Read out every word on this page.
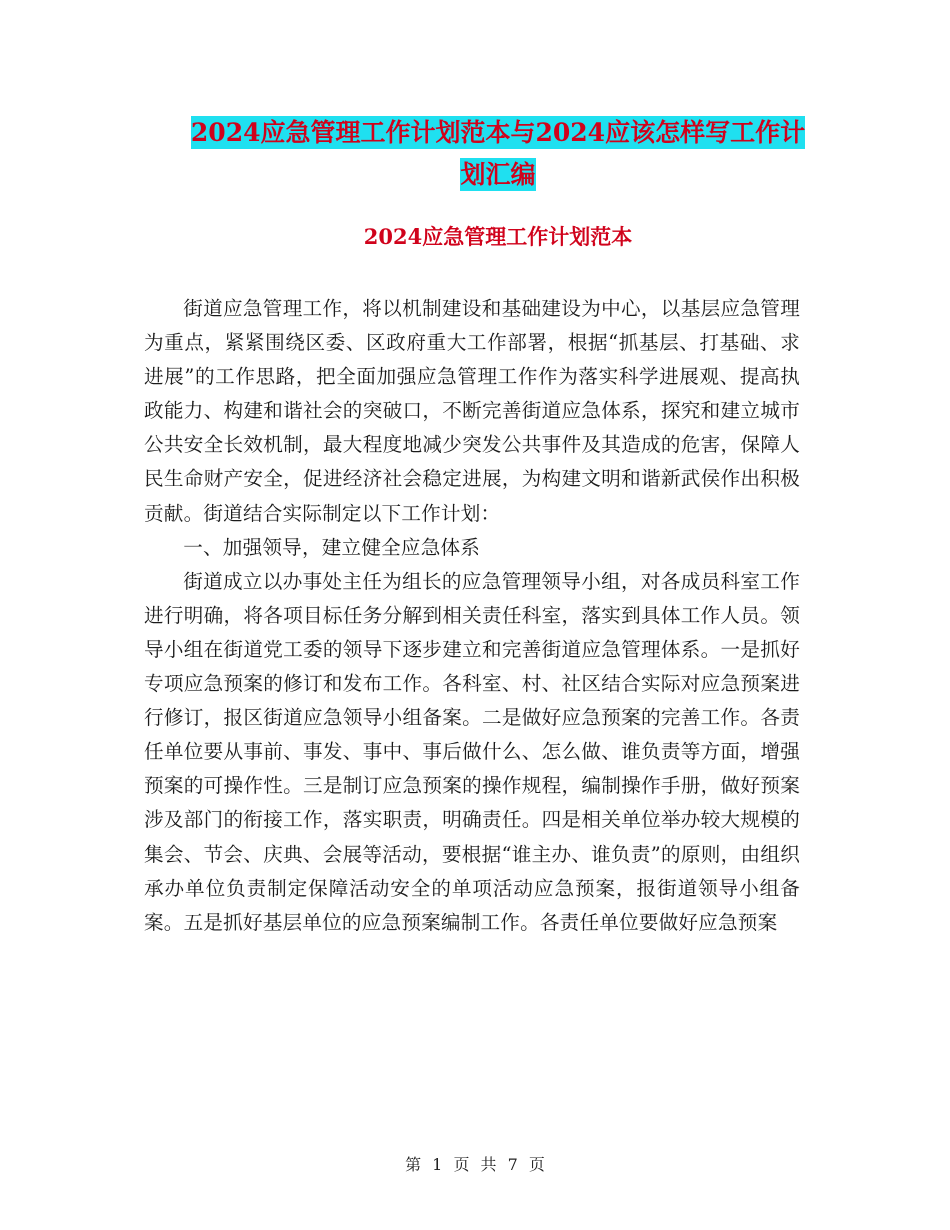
2024应急管理工作计划范本与2024应该怎样写工作计
划汇编
2024应急管理工作计划范本

街道应急管理工作，将以机制建设和基础建设为中心，以基层应急管理为重点，紧紧围绕区委、区政府重大工作部署，根据“抓基层、打基础、求进展”的工作思路，把全面加强应急管理工作作为落实科学进展观、提高执政能力、构建和谐社会的突破口，不断完善街道应急体系，探究和建立城市公共安全长效机制，最大程度地减少突发公共事件及其造成的危害，保障人民生命财产安全，促进经济社会稳定进展，为构建文明和谐新武侯作出积极贡献。街道结合实际制定以下工作计划：

一、加强领导，建立健全应急体系

街道成立以办事处主任为组长的应急管理领导小组，对各成员科室工作进行明确，将各项目标任务分解到相关责任科室，落实到具体工作人员。领导小组在街道党工委的领导下逐步建立和完善街道应急管理体系。一是抓好专项应急预案的修订和发布工作。各科室、村、社区结合实际对应急预案进行修订，报区街道应急领导小组备案。二是做好应急预案的完善工作。各责任单位要从事前、事发、事中、事后做什么、怎么做、谁负责等方面，增强预案的可操作性。三是制订应急预案的操作规程，编制操作手册，做好预案涉及部门的衔接工作，落实职责，明确责任。四是相关单位举办较大规模的集会、节会、庆典、会展等活动，要根据“谁主办、谁负责”的原则，由组织承办单位负责制定保障活动安全的单项活动应急预案，报街道领导小组备案。五是抓好基层单位的应急预案编制工作。各责任单位要做好应急预案

第 1 页 共 7 页
